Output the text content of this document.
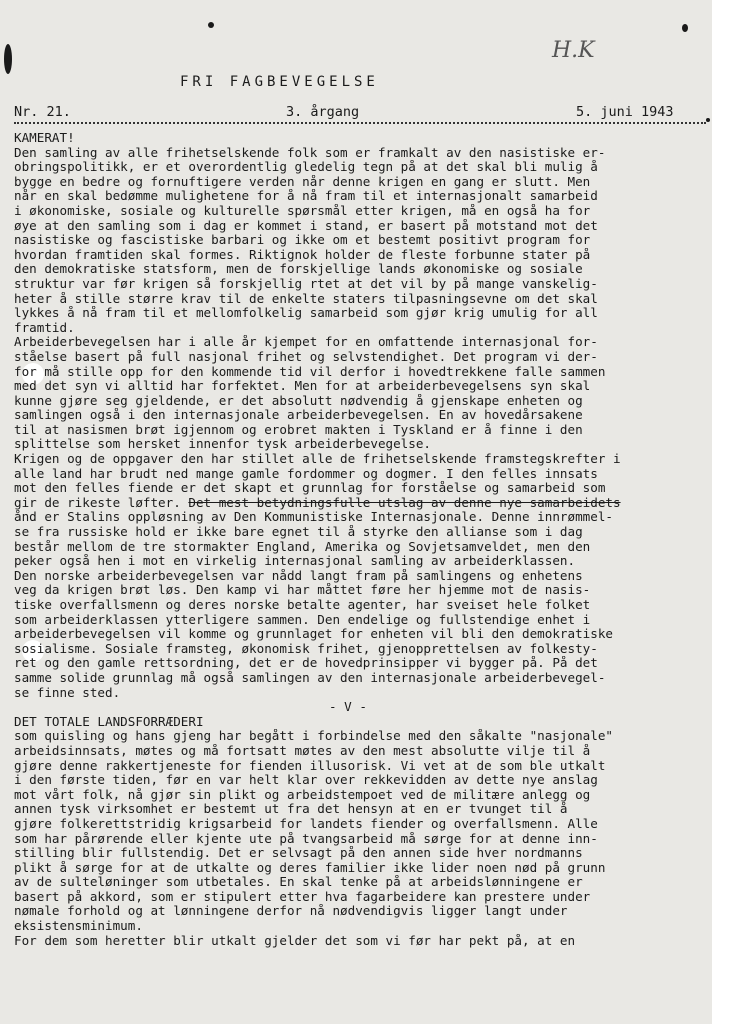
H.K
FRI FAGBEVEGELSE
Nr. 21.	3. årgang	5. juni 1943
KAMERAT!
Den samling av alle frihetselskende folk som er framkalt av den nasistiske er-
obringspolitikk, er et overordentlig gledelig tegn på at det skal bli mulig å
bygge en bedre og fornuftigere verden når denne krigen en gang er slutt. Men
når en skal bedømme mulighetene for å nå fram til et internasjonalt samarbeid
i økonomiske, sosiale og kulturelle spørsmål etter krigen, må en også ha for
øye at den samling som i dag er kommet i stand, er basert på motstand mot det
nasistiske og fascistiske barbari og ikke om et bestemt positivt program for
hvordan framtiden skal formes. Riktignok holder de fleste forbunne stater på
den demokratiske statsform, men de forskjellige lands økonomiske og sosiale
struktur var før krigen så forskjellig rtet at det vil by på mange vanskelig-
heter å stille større krav til de enkelte staters tilpasningsevne om det skal
lykkes å nå fram til et mellomfolkelig samarbeid som gjør krig umulig for all
framtid.
Arbeiderbevegelsen har i alle år kjempet for en omfattende internasjonal for-
ståelse basert på full nasjonal frihet og selvstendighet. Det program vi der-
for må stille opp for den kommende tid vil derfor i hovedtrekkene falle sammen
med det syn vi alltid har forfektet. Men for at arbeiderbevegelsens syn skal
kunne gjøre seg gjeldende, er det absolutt nødvendig å gjenskape enheten og
samlingen også i den internasjonale arbeiderbevegelsen. En av hovedårsakene
til at nasismen brøt igjennom og erobret makten i Tyskland er å finne i den
splittelse som hersket innenfor tysk arbeiderbevegelse.
Krigen og de oppgaver den har stillet alle de frihetselskende framstegskrefter i
alle land har brudt ned mange gamle fordommer og dogmer. I den felles innsats
mot den felles fiende er det skapt et grunnlag for forståelse og samarbeid som
gir de rikeste løfter. Det mest betydningsfulle utslag av denne nye samarbeidets
ånd er Stalins oppløsning av Den Kommunistiske Internasjonale. Denne innrømmel-
se fra russiske hold er ikke bare egnet til å styrke den allianse som i dag
består mellom de tre stormakter England, Amerika og Sovjetsamveldet, men den
peker også hen i mot en virkelig internasjonal samling av arbeiderklassen.
Den norske arbeiderbevegelsen var nådd langt fram på samlingens og enhetens
veg da krigen brøt løs. Den kamp vi har måttet føre her hjemme mot de nasis-
tiske overfallsmenn og deres norske betalte agenter, har sveiset hele folket
som arbeiderklassen ytterligere sammen. Den endelige og fullstendige enhet i
arbeiderbevegelsen vil komme og grunnlaget for enheten vil bli den demokratiske
sosialisme. Sosiale framsteg, økonomisk frihet, gjenopprettelsen av folkesty-
ret og den gamle rettsordning, det er de hovedprinsipper vi bygger på. På det
samme solide grunnlag må også samlingen av den internasjonale arbeiderbevegel-
se finne sted.
- V -
DET TOTALE LANDSFORRÆDERI
som quisling og hans gjeng har begått i forbindelse med den såkalte "nasjonale"
arbeidsinnsats, møtes og må fortsatt møtes av den mest absolutte vilje til å
gjøre denne rakkertjeneste for fienden illusorisk. Vi vet at de som ble utkalt
i den første tiden, før en var helt klar over rekkevidden av dette nye anslag
mot vårt folk, nå gjør sin plikt og arbeidstempoet ved de militære anlegg og
annen tysk virksomhet er bestemt ut fra det hensyn at en er tvunget til å
gjøre folkerettstridig krigsarbeid for landets fiender og overfallsmenn. Alle
som har pårørende eller kjente ute på tvangsarbeid må sørge for at denne inn-
stilling blir fullstendig. Det er selvsagt på den annen side hver nordmanns
plikt å sørge for at de utkalte og deres familier ikke lider noen nød på grunn
av de sulteløninger som utbetales. En skal tenke på at arbeidslønningene er
basert på akkord, som er stipulert etter hva fagarbeidere kan prestere under
nømale forhold og at lønningene derfor nå nødvendigvis ligger langt under
eksistensminimum.
For dem som heretter blir utkalt gjelder det som vi før har pekt på, at en
